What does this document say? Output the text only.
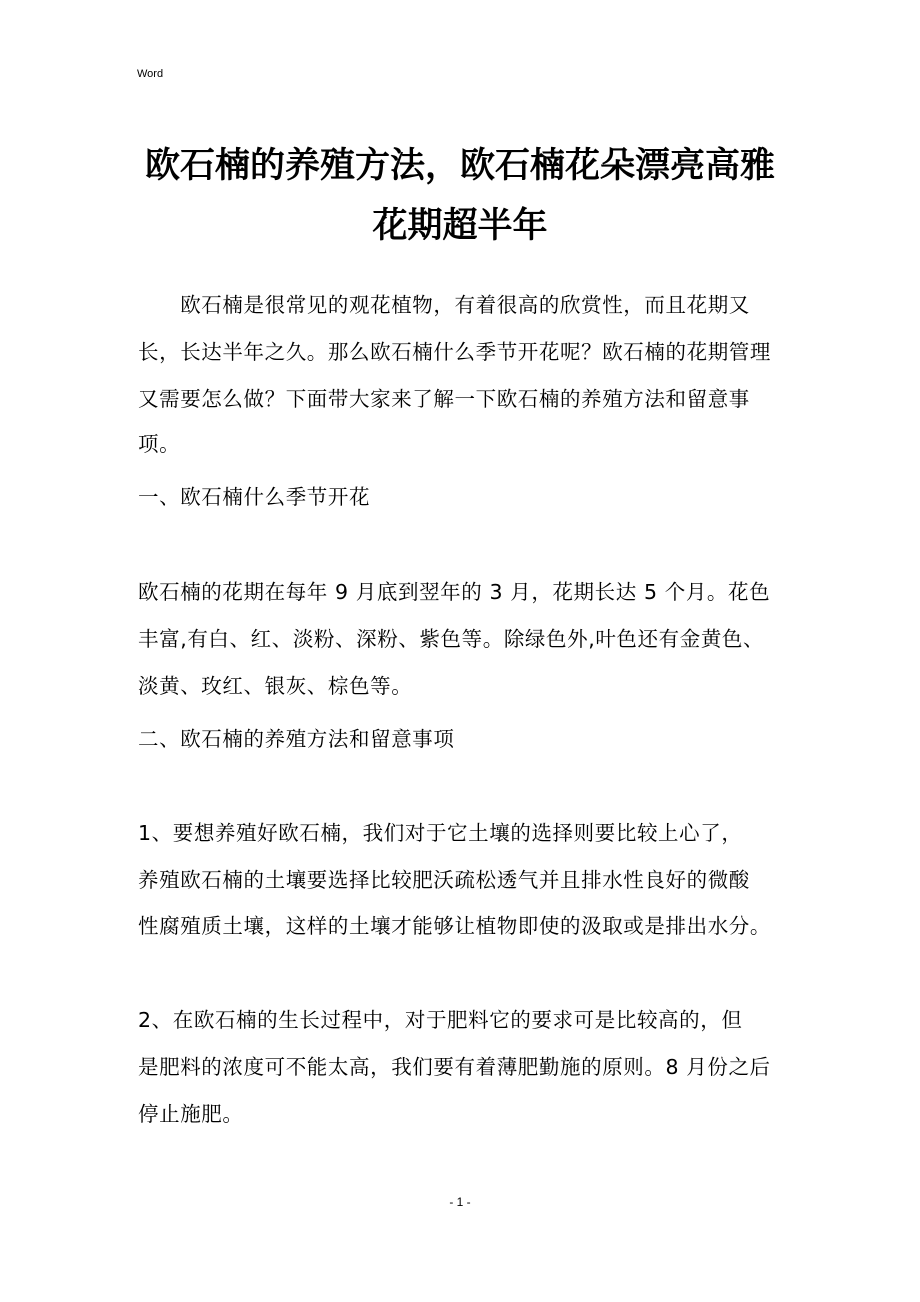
Word
欧石楠的养殖方法，欧石楠花朵漂亮高雅
花期超半年
　　欧石楠是很常见的观花植物，有着很高的欣赏性，而且花期又
长，长达半年之久。那么欧石楠什么季节开花呢？欧石楠的花期管理
又需要怎么做？下面带大家来了解一下欧石楠的养殖方法和留意事
项。
一、欧石楠什么季节开花
欧石楠的花期在每年 9 月底到翌年的 3 月，花期长达 5 个月。花色
丰富,有白、红、淡粉、深粉、紫色等。除绿色外,叶色还有金黄色、
淡黄、玫红、银灰、棕色等。
二、欧石楠的养殖方法和留意事项
1、要想养殖好欧石楠，我们对于它土壤的选择则要比较上心了，
养殖欧石楠的土壤要选择比较肥沃疏松透气并且排水性良好的微酸
性腐殖质土壤，这样的土壤才能够让植物即使的汲取或是排出水分。
2、在欧石楠的生长过程中，对于肥料它的要求可是比较高的，但
是肥料的浓度可不能太高，我们要有着薄肥勤施的原则。8 月份之后
停止施肥。
- 1 -
